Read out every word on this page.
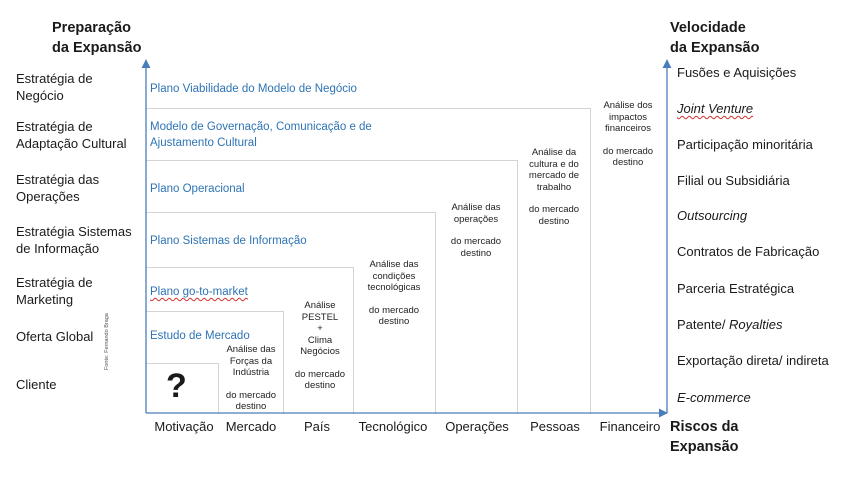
Preparação
da Expansão
Velocidade
da Expansão
Riscos da
Expansão
Estratégia de
Negócio
Estratégia de
Adaptação Cultural
Estratégia das
Operações
Estratégia Sistemas
de Informação
Estratégia de
Marketing
Oferta Global
Cliente
Fonte: Fernando Braga
Plano Viabilidade do Modelo de Negócio
Modelo de Governação, Comunicação e de
Ajustamento Cultural
Plano Operacional
Plano Sistemas de Informação
Plano go-to-market
Estudo de Mercado
?
Análise das
Forças da
Indústria
do mercado
destino
Análise
PESTEL
+
Clima
Negócios
do mercado
destino
Análise das
condições
tecnológicas
do mercado
destino
Análise das
operações
do mercado
destino
Análise da
cultura e do
mercado de
trabalho
do mercado
destino
Análise dos
impactos
financeiros
do mercado
destino
Motivação Mercado	País	Tecnológico	Operações	Pessoas	Financeiro
Fusões e Aquisições
Joint Venture
Participação minoritária
Filial ou Subsidiária
Outsourcing
Contratos de Fabricação
Parceria Estratégica
Patente/ Royalties
Exportação direta/ indireta
E-commerce
